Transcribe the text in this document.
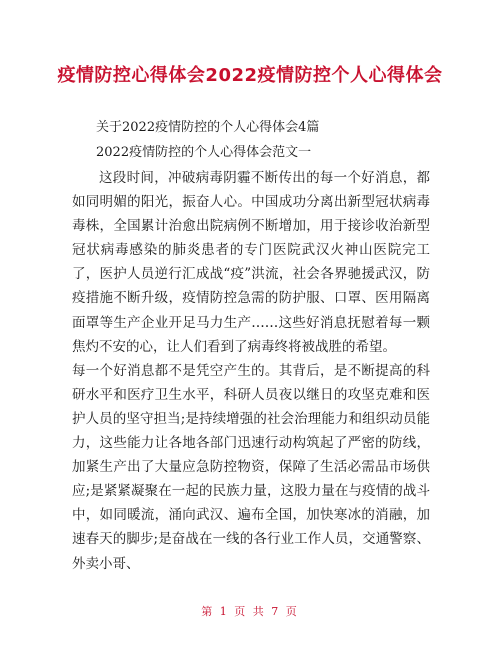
疫情防控心得体会2022疫情防控个人心得体会
关于2022疫情防控的个人心得体会4篇
2022疫情防控的个人心得体会范文一

这段时间，冲破病毒阴霾不断传出的每一个好消息，都如同明媚的阳光，振奋人心。中国成功分离出新型冠状病毒毒株，全国累计治愈出院病例不断增加，用于接诊收治新型冠状病毒感染的肺炎患者的专门医院武汉火神山医院完工了，医护人员逆行汇成战“疫”洪流，社会各界驰援武汉，防疫措施不断升级，疫情防控急需的防护服、口罩、医用隔离面罩等生产企业开足马力生产……这些好消息抚慰着每一颗焦灼不安的心，让人们看到了病毒终将被战胜的希望。

每一个好消息都不是凭空产生的。其背后，是不断提高的科研水平和医疗卫生水平，科研人员夜以继日的攻坚克难和医护人员的坚守担当;是持续增强的社会治理能力和组织动员能力，这些能力让各地各部门迅速行动构筑起了严密的防线，加紧生产出了大量应急防控物资，保障了生活必需品市场供应;是紧紧凝聚在一起的民族力量，这股力量在与疫情的战斗中，如同暖流，涌向武汉、遍布全国，加快寒冰的消融，加速春天的脚步;是奋战在一线的各行业工作人员，交通警察、外卖小哥、

第 1 页 共 7 页
